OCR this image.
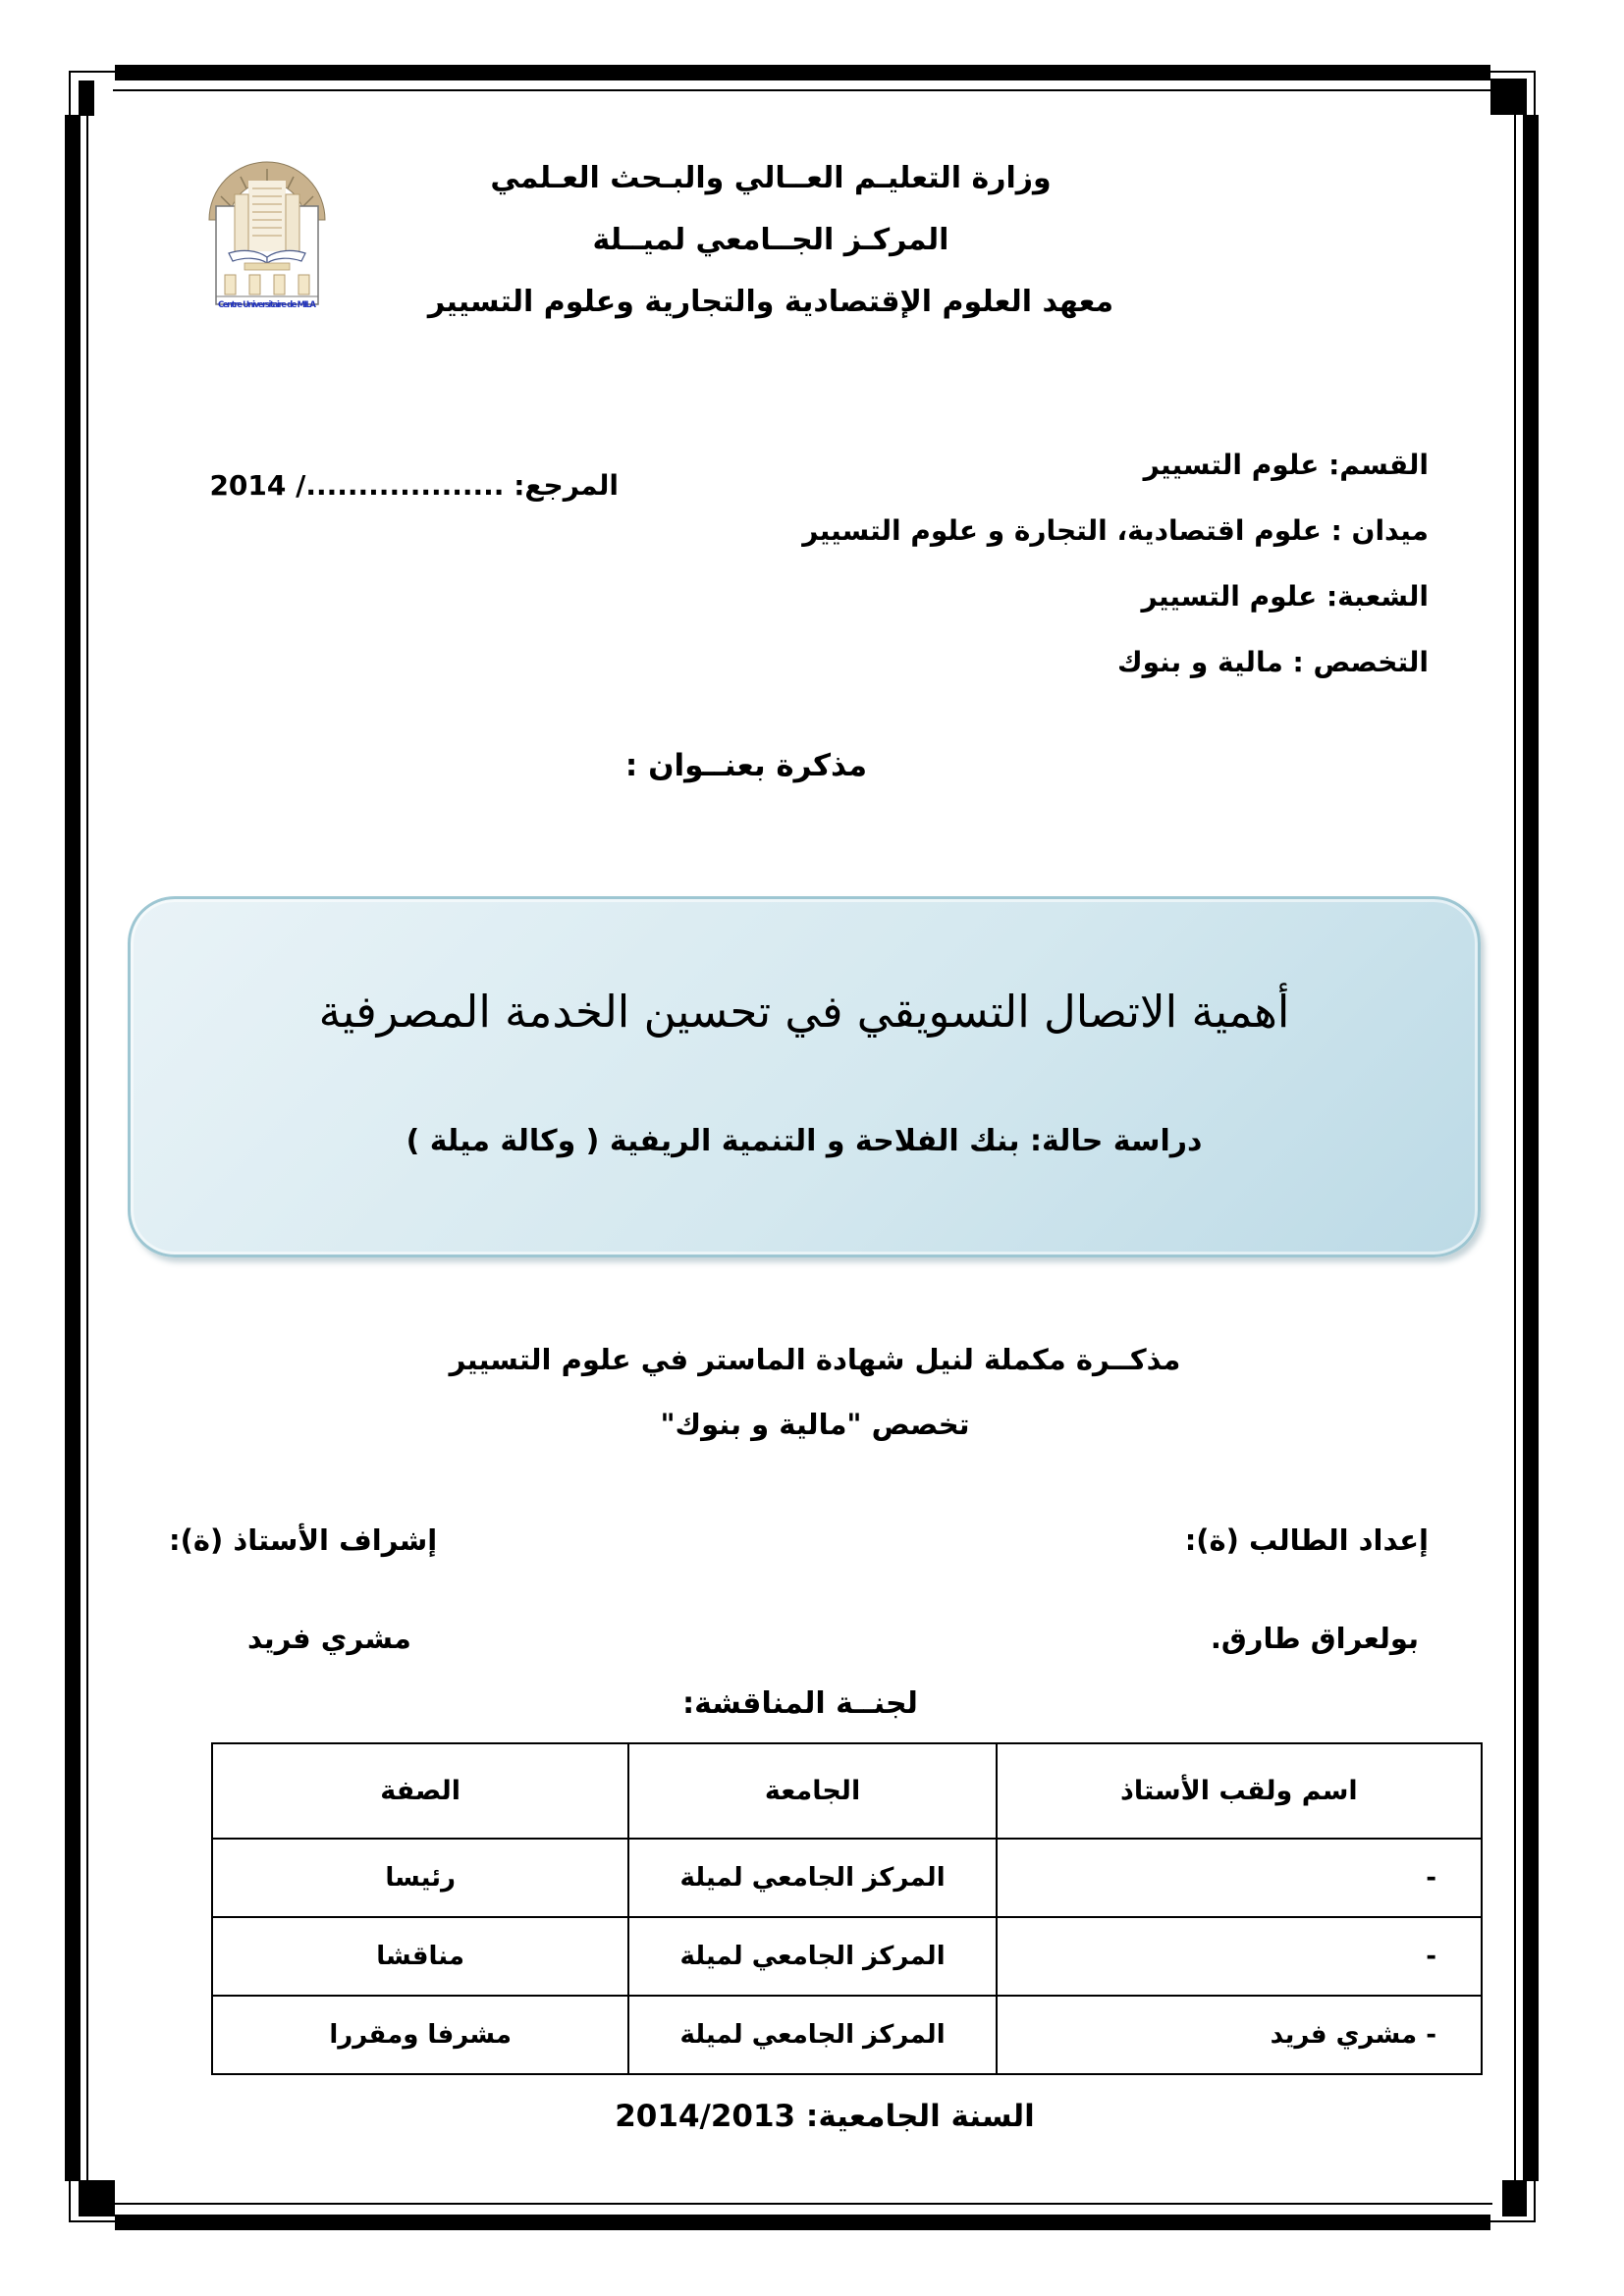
Centre Universitaire de MILA
وزارة التعليـم العــالي والبـحث العـلمي
المركـز الجــامعي لميــلة
معهد العلوم الإقتصادية والتجارية وعلوم التسيير
القسم: علوم التسيير
ميدان : علوم اقتصادية، التجارة و علوم التسيير
الشعبة: علوم التسيير
التخصص : مالية و بنوك
المرجع: .................../ 2014
مذكرة بعنــوان :
أهمية الاتصال التسويقي في تحسين الخدمة المصرفية
دراسة حالة: بنك الفلاحة و التنمية الريفية ( وكالة ميلة )
مذكــرة مكملة لنيل شهادة الماستر في علوم التسيير
تخصص "مالية و بنوك"
إعداد الطالب (ة):
إشراف الأستاذ (ة):
بولعراق طارق.
مشري فريد
لجنــة المناقشة:
اسم ولقب الأستاذ	الجامعة	الصفة
-	المركز الجامعي لميلة	رئيسا
-	المركز الجامعي لميلة	مناقشا
- مشري فريد	المركز الجامعي لميلة	مشرفا ومقررا
السنة الجامعية: 2014/2013
